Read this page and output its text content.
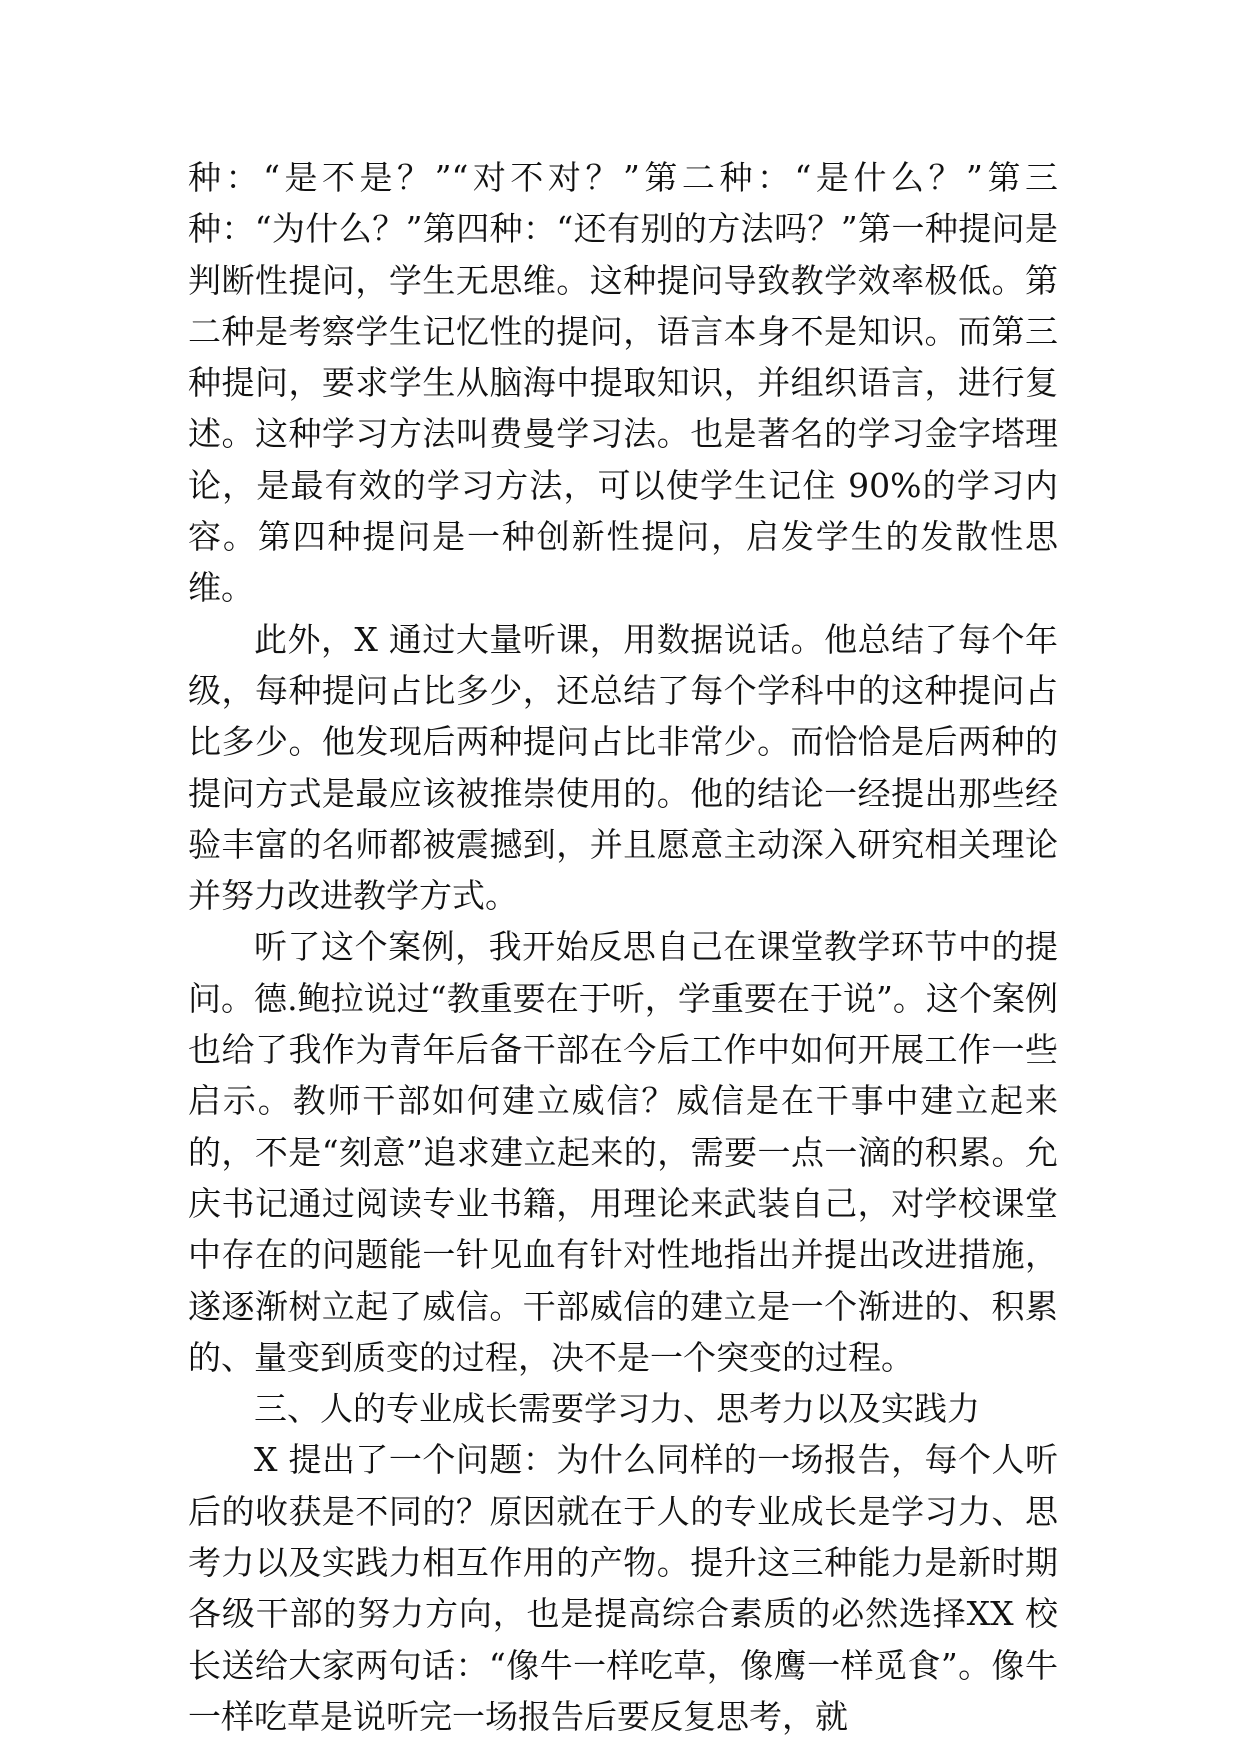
种：“是不是？”“对不对？”第二种：“是什么？”第三种：“为什么？”第四种：“还有别的方法吗？”第一种提问是判断性提问，学生无思维。这种提问导致教学效率极低。第二种是考察学生记忆性的提问，语言本身不是知识。而第三种提问，要求学生从脑海中提取知识，并组织语言，进行复述。这种学习方法叫费曼学习法。也是著名的学习金字塔理论，是最有效的学习方法，可以使学生记住 90%的学习内容。第四种提问是一种创新性提问，启发学生的发散性思维。

此外，X 通过大量听课，用数据说话。他总结了每个年级，每种提问占比多少，还总结了每个学科中的这种提问占比多少。他发现后两种提问占比非常少。而恰恰是后两种的提问方式是最应该被推崇使用的。他的结论一经提出那些经验丰富的名师都被震撼到，并且愿意主动深入研究相关理论并努力改进教学方式。

听了这个案例，我开始反思自己在课堂教学环节中的提问。德.鲍拉说过“教重要在于听，学重要在于说”。这个案例也给了我作为青年后备干部在今后工作中如何开展工作一些启示。教师干部如何建立威信？威信是在干事中建立起来的，不是“刻意”追求建立起来的，需要一点一滴的积累。允庆书记通过阅读专业书籍，用理论来武装自己，对学校课堂中存在的问题能一针见血有针对性地指出并提出改进措施，遂逐渐树立起了威信。干部威信的建立是一个渐进的、积累的、量变到质变的过程，决不是一个突变的过程。

三、人的专业成长需要学习力、思考力以及实践力

X 提出了一个问题：为什么同样的一场报告，每个人听后的收获是不同的？原因就在于人的专业成长是学习力、思考力以及实践力相互作用的产物。提升这三种能力是新时期各级干部的努力方向，也是提高综合素质的必然选择XX 校长送给大家两句话：“像牛一样吃草，像鹰一样觅食”。像牛一样吃草是说听完一场报告后要反复思考，就
